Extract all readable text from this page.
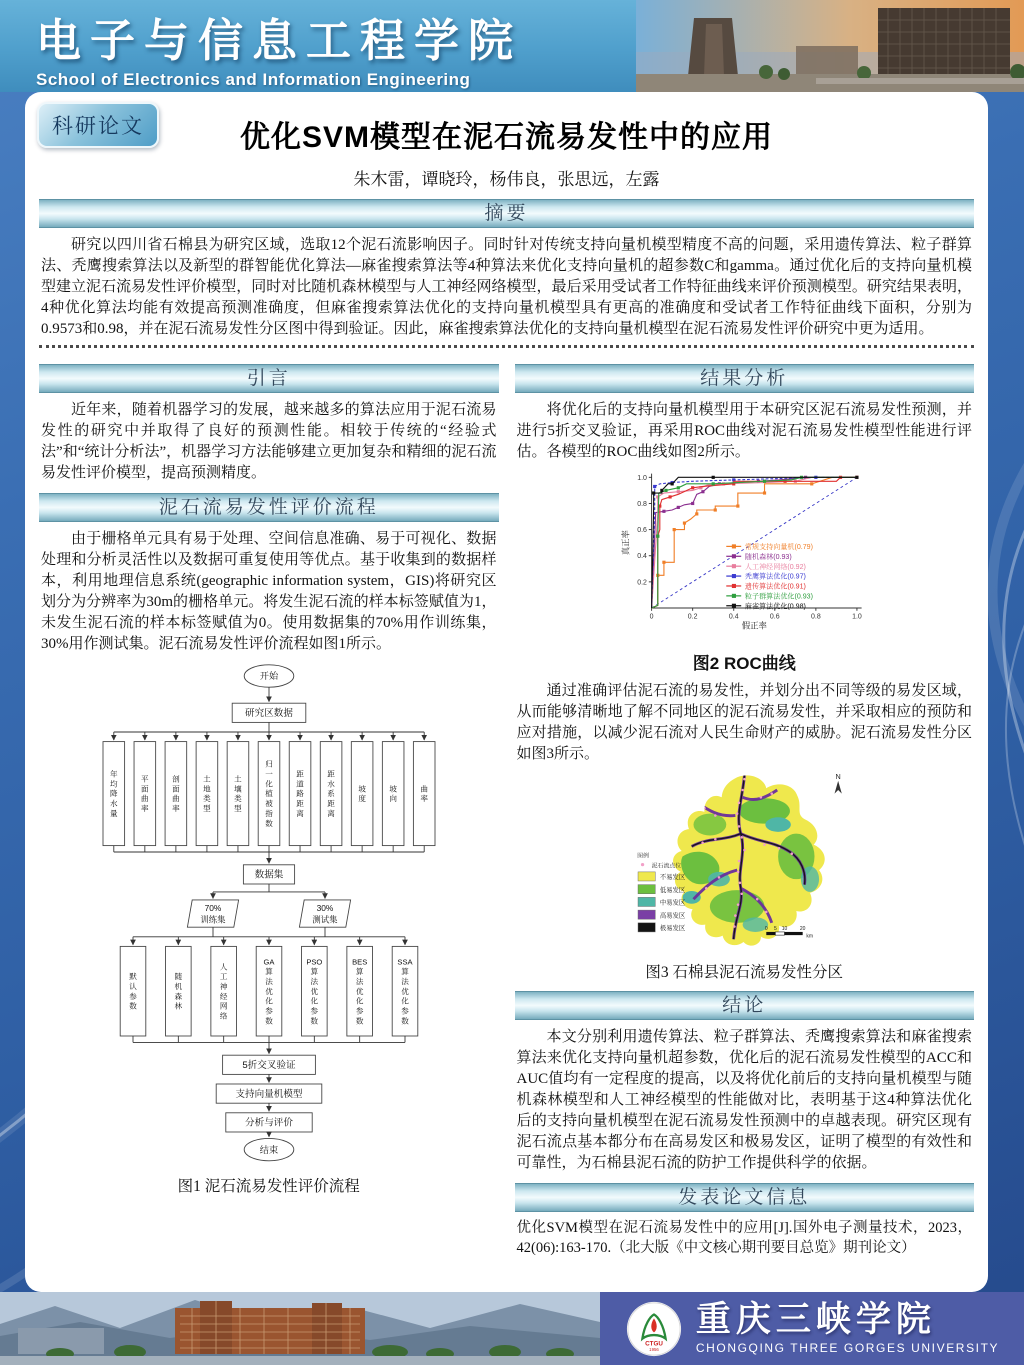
电子与信息工程学院
School of Electronics and Information Engineering
科研论文	优化SVM模型在泥石流易发性中的应用
朱木雷，谭晓玲，杨伟良，张思远，左露
摘要
研究以四川省石棉县为研究区域，选取12个泥石流影响因子。同时针对传统支持向量机模型精度不高的问题，采用遗传算法、粒子群算法、秃鹰搜索算法以及新型的群智能优化算法—麻雀搜索算法等4种算法来优化支持向量机的超参数C和gamma。通过优化后的支持向量机模型建立泥石流易发性评价模型，同时对比随机森林模型与人工神经网络模型，最后采用受试者工作特征曲线来评价预测模型。研究结果表明，4种优化算法均能有效提高预测准确度，但麻雀搜索算法优化的支持向量机模型具有更高的准确度和受试者工作特征曲线下面积，分别为0.9573和0.98，并在泥石流易发性分区图中得到验证。因此，麻雀搜索算法优化的支持向量机模型在泥石流易发性评价研究中更为适用。
引言
近年来，随着机器学习的发展，越来越多的算法应用于泥石流易发性的研究中并取得了良好的预测性能。相较于传统的“经验式法”和“统计分析法”，机器学习方法能够建立更加复杂和精细的泥石流易发性评价模型，提高预测精度。
泥石流易发性评价流程
由于栅格单元具有易于处理、空间信息准确、易于可视化、数据处理和分析灵活性以及数据可重复使用等优点。基于收集到的数据样本，利用地理信息系统(geographic information system，GIS)将研究区划分为分辨率为30m的栅格单元。将发生泥石流的样本标签赋值为1，未发生泥石流的样本标签赋值为0。使用数据集的70%用作训练集，30%用作测试集。泥石流易发性评价流程如图1所示。
开始
研究区数据
年均降水量
平面曲率
剖面曲率
土地类型
土壤类型
归一化植被指数
距道路距离
距水系距离
坡度
坡向
曲率
数据集
70%
训练集
30%
测试集
默认参数
随机森林
人工神经网络
GA 算法优化参数
PSO 算法优化参数
BES 算法优化参数
SSA 算法优化参数
5折交叉验证
支持向量机模型
分析与评价
结束
图1 泥石流易发性评价流程
结果分析
将优化后的支持向量机模型用于本研究区泥石流易发性预测，并进行5折交叉验证，再采用ROC曲线对泥石流易发性模型性能进行评估。各模型的ROC曲线如图2所示。
0	0.2	0.4	0.6	0.8	1.0
0.2
0.4
0.6
0.8
1.0
假正率
真正率	常规支持向量机(0.79)
随机森林(0.93)
人工神经网络(0.92)
秃鹰算法优化(0.97)
遗传算法优化(0.91)
粒子群算法优化(0.93)
麻雀算法优化(0.98)
图2 ROC曲线
通过准确评估泥石流的易发性，并划分出不同等级的易发区域，从而能够清晰地了解不同地区的泥石流易发性，并采取相应的预防和应对措施，以减少泥石流对人民生命财产的威胁。泥石流易发性分区如图3所示。
N
图例
泥石流点位
不易发区
低易发区
中易发区
高易发区
极易发区	0 5 10 20
km
图3 石棉县泥石流易发性分区
结论
本文分别利用遗传算法、粒子群算法、秃鹰搜索算法和麻雀搜索算法来优化支持向量机超参数，优化后的泥石流易发性模型的ACC和AUC值均有一定程度的提高，以及将优化前后的支持向量机模型与随机森林模型和人工神经模型的性能做对比，表明基于这4种算法优化后的支持向量机模型在泥石流易发性预测中的卓越表现。研究区现有泥石流点基本都分布在高易发区和极易发区，证明了模型的有效性和可靠性，为石棉县泥石流的防护工作提供科学的依据。
发表论文信息
优化SVM模型在泥石流易发性中的应用[J].国外电子测量技术，2023，42(06):163-170.（北大版《中文核心期刊要目总览》期刊论文）
CTGU
1956
重庆三峡学院
CHONGQING THREE GORGES UNIVERSITY
